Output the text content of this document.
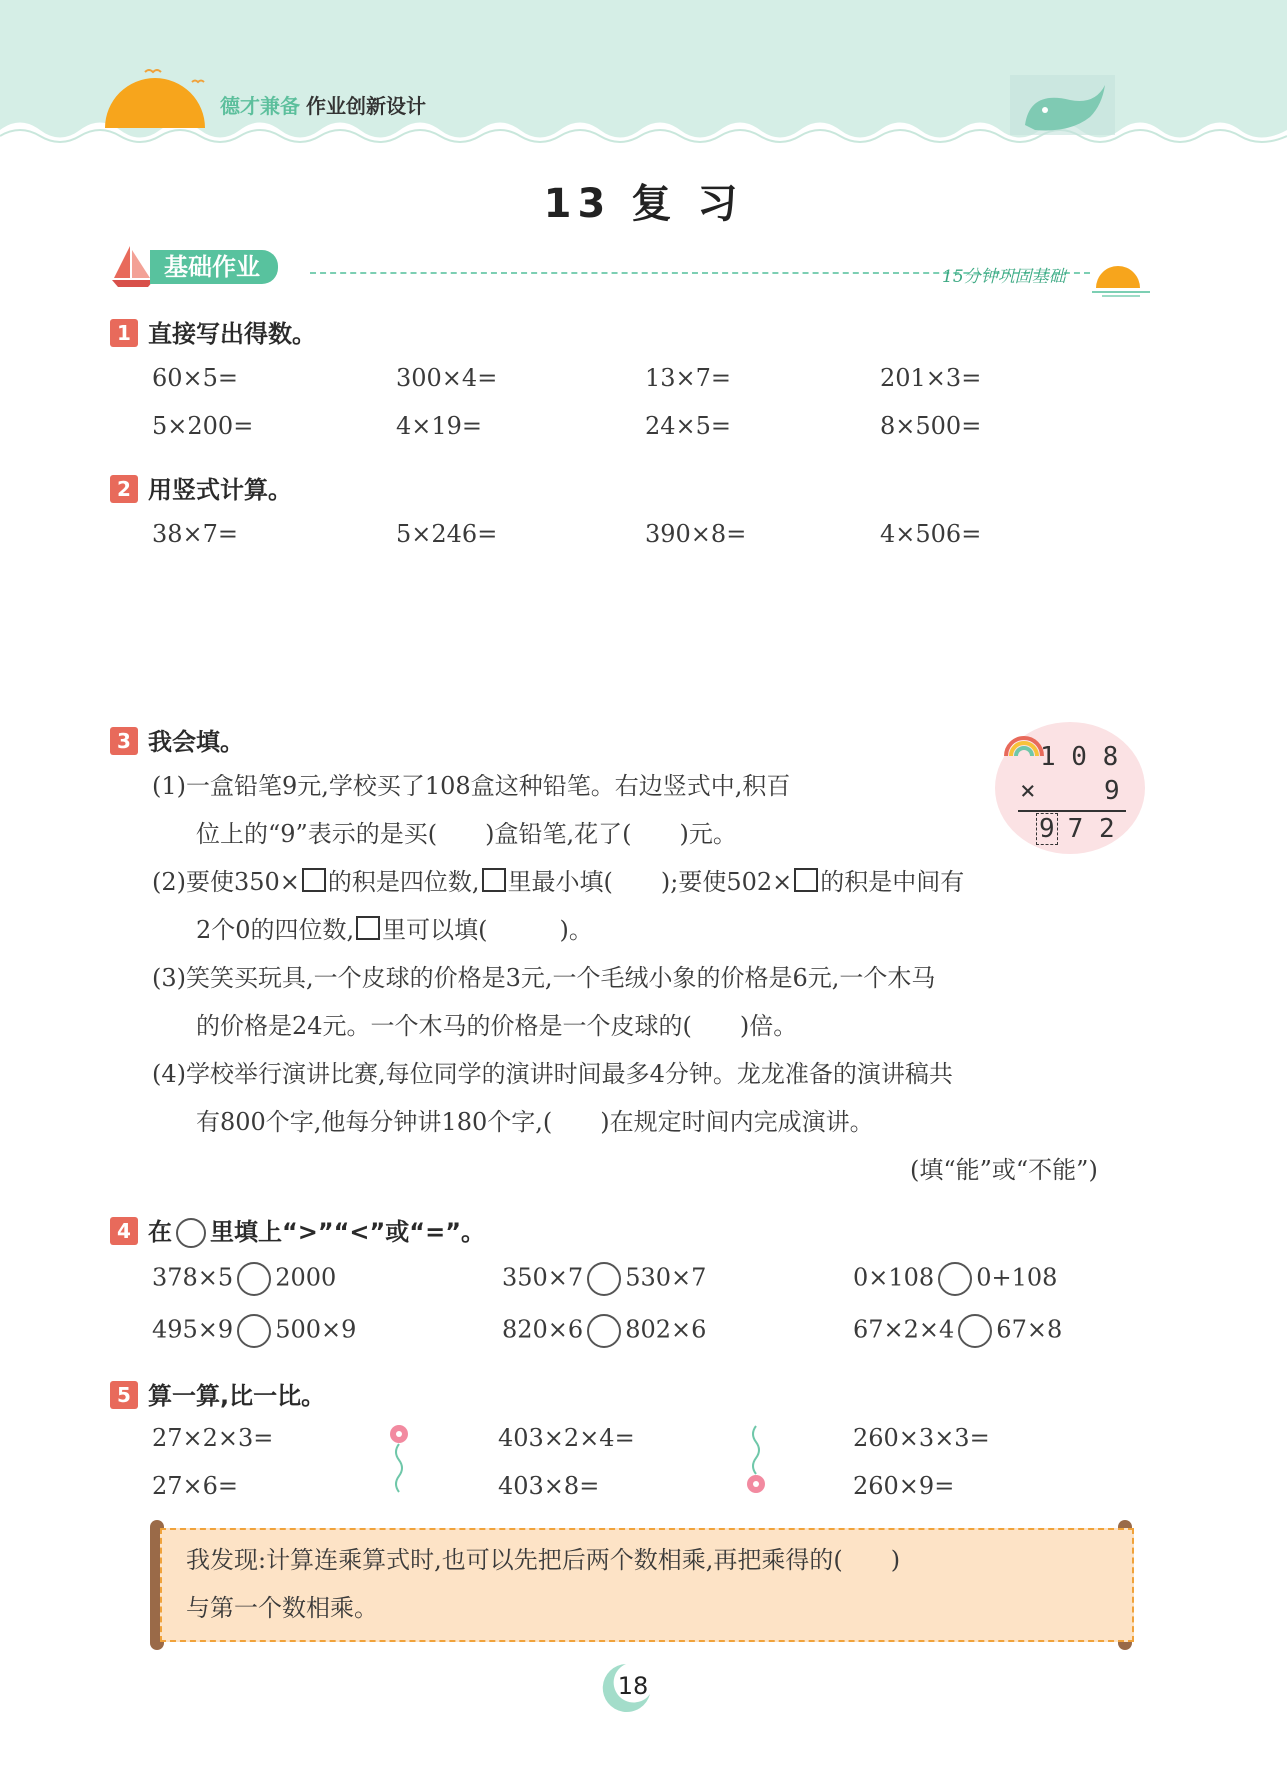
德才兼备 作业创新设计
13 复 习
基础作业	15分钟巩固基础
1 直接写出得数。
60×5=	300×4=	13×7=	201×3=
5×200=	4×19=	24×5=	8×500=
2 用竖式计算。
38×7=	5×246=	390×8=	4×506=
3 我会填。	1 0 8
×	9
9 7 2
(1)一盒铅笔9元,学校买了108盒这种铅笔。右边竖式中,积百
位上的“9”表示的是买(　　)盒铅笔,花了(　　)元。
(2)要使350× 的积是四位数, 里最小填(　　);要使502× 的积是中间有
2个0的四位数, 里可以填(　　　)。
(3)笑笑买玩具,一个皮球的价格是3元,一个毛绒小象的价格是6元,一个木马
的价格是24元。一个木马的价格是一个皮球的(　　)倍。
(4)学校举行演讲比赛,每位同学的演讲时间最多4分钟。龙龙准备的演讲稿共
有800个字,他每分钟讲180个字,(　　)在规定时间内完成演讲。
(填“能”或“不能”)
4 在 里填上“>”“<”或“=”。
378×5 2000	350×7 530×7	0×108 0+108
495×9 500×9	820×6 802×6	67×2×4 67×8
5 算一算,比一比。
27×2×3=	403×2×4=	260×3×3=
27×6=	403×8=	260×9=
我发现:计算连乘算式时,也可以先把后两个数相乘,再把乘得的(　　)
与第一个数相乘。
18
